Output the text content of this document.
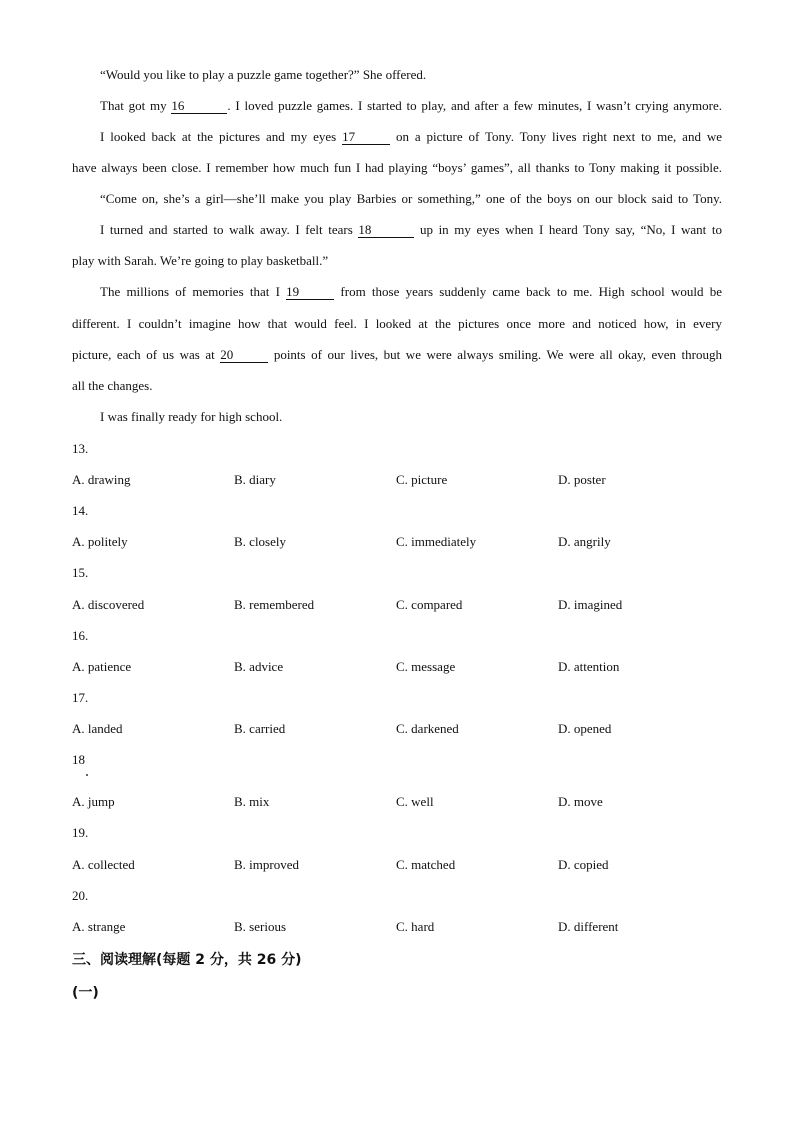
“Would you like to play a puzzle game together?” She offered.
That got my 16	. I loved puzzle games. I started to play, and after a few minutes, I wasn’t crying anymore.
I looked back at the pictures and my eyes 17	on a picture of Tony. Tony lives right next to me, and we
have always been close. I remember how much fun I had playing “boys’ games”, all thanks to Tony making it possible.
“Come on, she’s a girl—she’ll make you play Barbies or something,” one of the boys on our block said to Tony.
I turned and started to walk away. I felt tears 18	up in my eyes when I heard Tony say, “No, I want to
play with Sarah. We’re going to play basketball.”
The millions of memories that I 19	from those years suddenly came back to me. High school would be
different. I couldn’t imagine how that would feel. I looked at the pictures once more and noticed how, in every
picture, each of us was at 20	points of our lives, but we were always smiling. We were all okay, even through
all the changes.
I was finally ready for high school.
13.
A. drawing	B. diary	C. picture	D. poster
14.
A. politely	B. closely	C. immediately	D. angrily
15.
A. discovered	B. remembered	C. compared	D. imagined
16.
A. patience	B. advice	C. message	D. attention
17.
A. landed	B. carried	C. darkened	D. opened
18
A. jump	B. mix	C. well	D. move
19.
A. collected	B. improved	C. matched	D. copied
20.
A. strange	B. serious	C. hard	D. different
三、阅读理解(每题 2 分，共 26 分)
(一)
